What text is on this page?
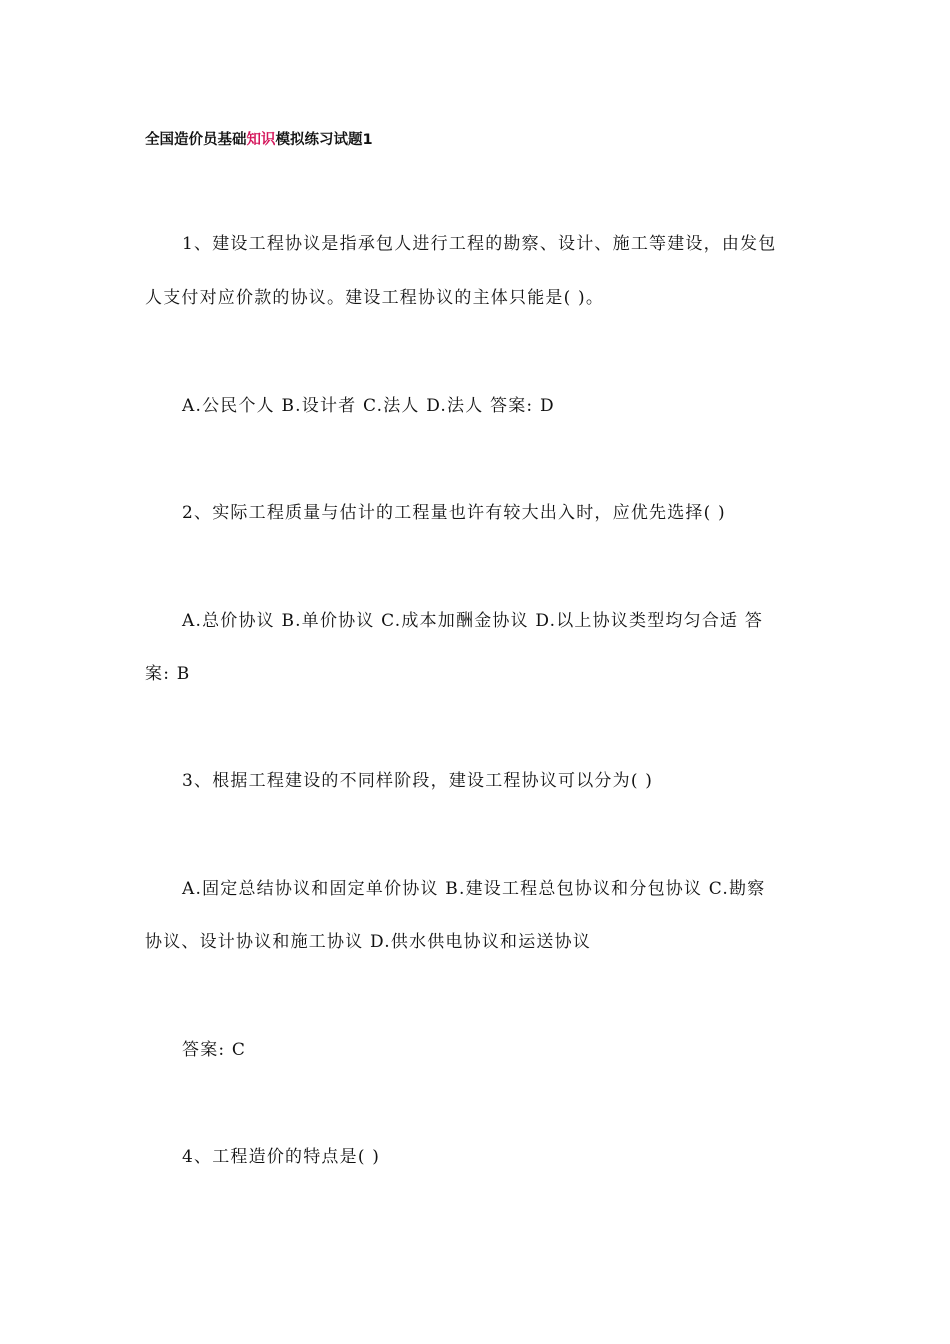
全国造价员基础知识模拟练习试题1
1、建设工程协议是指承包人进行工程的勘察、设计、施工等建设，由发包
人支付对应价款的协议。建设工程协议的主体只能是( )。
A.公民个人 B.设计者 C.法人 D.法人 答案: D
2、实际工程质量与估计的工程量也许有较大出入时，应优先选择( )
A.总价协议 B.单价协议 C.成本加酬金协议 D.以上协议类型均匀合适 答
案: B
3、根据工程建设的不同样阶段，建设工程协议可以分为( )
A.固定总结协议和固定单价协议 B.建设工程总包协议和分包协议 C.勘察
协议、设计协议和施工协议 D.供水供电协议和运送协议
答案: C
4、工程造价的特点是( )
